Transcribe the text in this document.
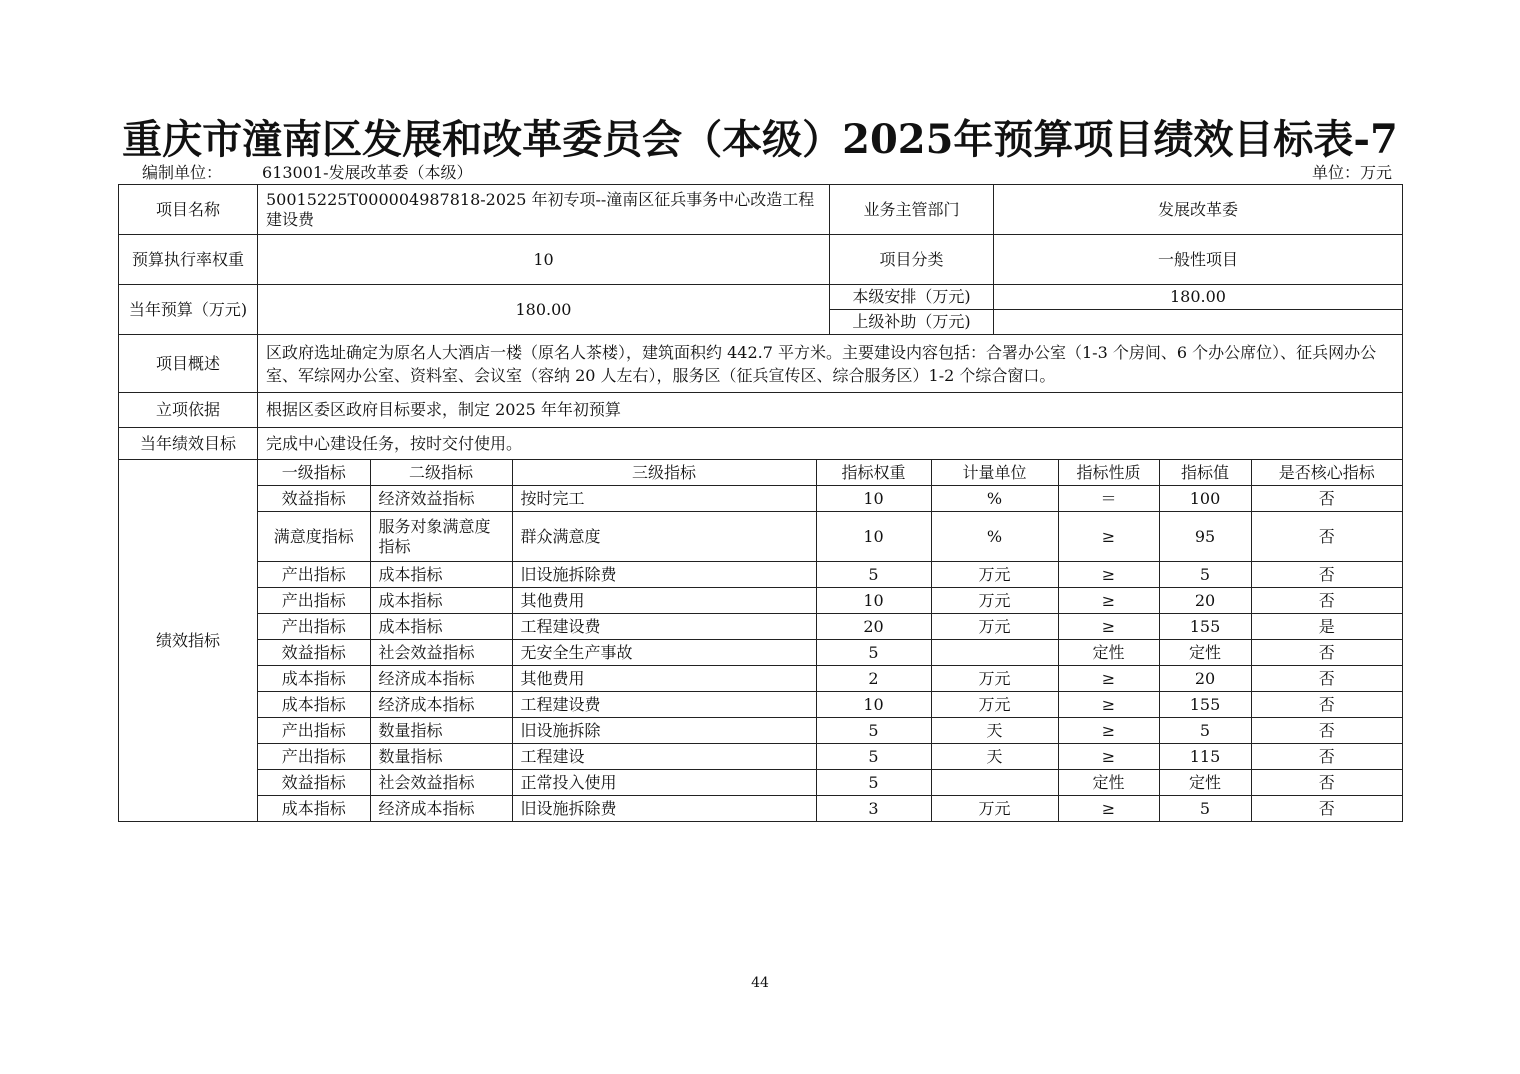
重庆市潼南区发展和改革委员会（本级）2025年预算项目绩效目标表-7
编制单位：	613001-发展改革委（本级）	单位：万元
项目名称	50015225T000004987818-2025 年初专项--潼南区征兵事务中心改造工程建设费	业务主管部门	发展改革委
预算执行率权重	10	项目分类	一般性项目
当年预算（万元)	180.00	本级安排（万元)	180.00
上级补助（万元)	
项目概述	区政府选址确定为原名人大酒店一楼（原名人茶楼），建筑面积约 442.7 平方米。主要建设内容包括：合署办公室（1-3 个房间、6 个办公席位）、征兵网办公室、军综网办公室、资料室、会议室（容纳 20 人左右），服务区（征兵宣传区、综合服务区）1-2 个综合窗口。
立项依据	根据区委区政府目标要求，制定 2025 年年初预算
当年绩效目标	完成中心建设任务，按时交付使用。
绩效指标	
一级指标	二级指标	三级指标	指标权重	计量单位	指标性质	指标值	是否核心指标
效益指标	经济效益指标	按时完工	10	%	＝	100	否
满意度指标	服务对象满意度指标	群众满意度	10	%	≥	95	否
产出指标	成本指标	旧设施拆除费	5	万元	≥	5	否
产出指标	成本指标	其他费用	10	万元	≥	20	否
产出指标	成本指标	工程建设费	20	万元	≥	155	是
效益指标	社会效益指标	无安全生产事故	5		定性	定性	否
成本指标	经济成本指标	其他费用	2	万元	≥	20	否
成本指标	经济成本指标	工程建设费	10	万元	≥	155	否
产出指标	数量指标	旧设施拆除	5	天	≥	5	否
产出指标	数量指标	工程建设	5	天	≥	115	否
效益指标	社会效益指标	正常投入使用	5		定性	定性	否
成本指标	经济成本指标	旧设施拆除费	3	万元	≥	5	否
44
